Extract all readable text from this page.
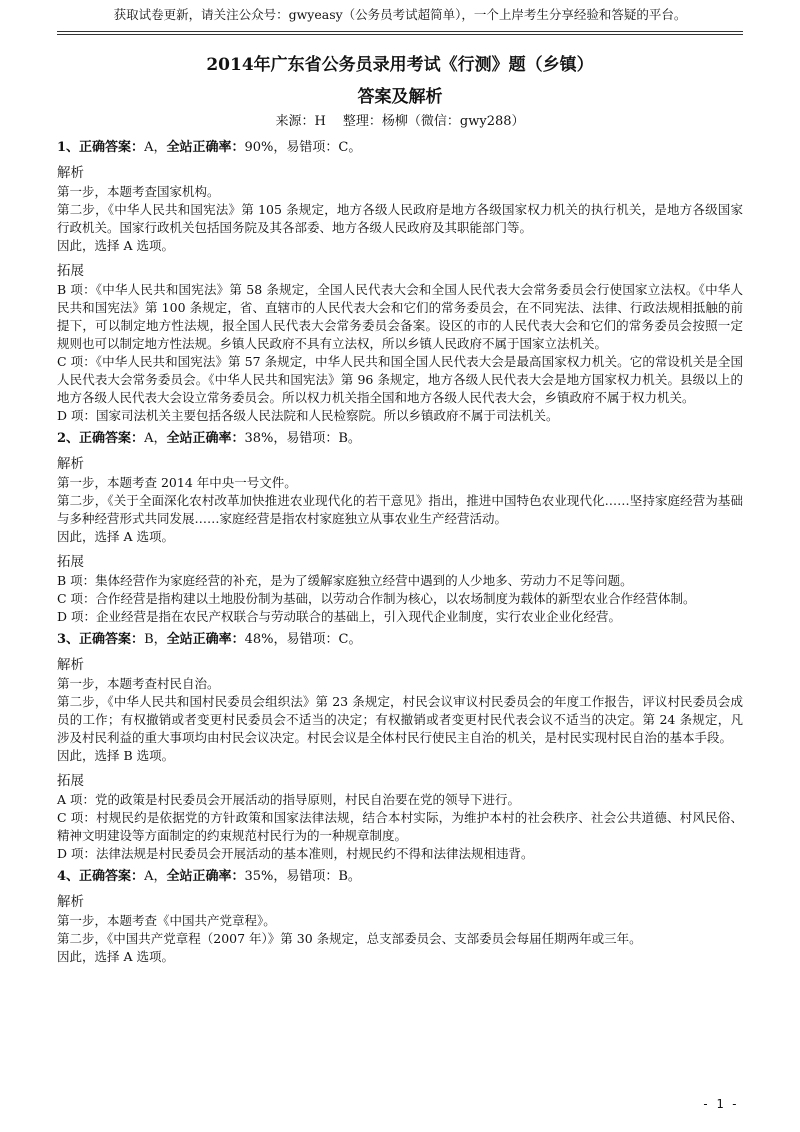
获取试卷更新，请关注公众号：gwyeasy（公务员考试超简单），一个上岸考生分享经验和答疑的平台。
2014年广东省公务员录用考试《行测》题（乡镇）
答案及解析
来源：H　 整理：杨柳（微信：gwy288）
1、正确答案：A，全站正确率：90%，易错项：C。
解析

第一步，本题考查国家机构。

第二步，《中华人民共和国宪法》第 105 条规定，地方各级人民政府是地方各级国家权力机关的执行机关，是地方各级国家行政机关。国家行政机关包括国务院及其各部委、地方各级人民政府及其职能部门等。

因此，选择 A 选项。

拓展

B 项：《中华人民共和国宪法》第 58 条规定，全国人民代表大会和全国人民代表大会常务委员会行使国家立法权。《中华人民共和国宪法》第 100 条规定，省、直辖市的人民代表大会和它们的常务委员会，在不同宪法、法律、行政法规相抵触的前提下，可以制定地方性法规，报全国人民代表大会常务委员会备案。设区的市的人民代表大会和它们的常务委员会按照一定规则也可以制定地方性法规。乡镇人民政府不具有立法权，所以乡镇人民政府不属于国家立法机关。

C 项：《中华人民共和国宪法》第 57 条规定，中华人民共和国全国人民代表大会是最高国家权力机关。它的常设机关是全国人民代表大会常务委员会。《中华人民共和国宪法》第 96 条规定，地方各级人民代表大会是地方国家权力机关。县级以上的地方各级人民代表大会设立常务委员会。所以权力机关指全国和地方各级人民代表大会，乡镇政府不属于权力机关。

D 项：国家司法机关主要包括各级人民法院和人民检察院。所以乡镇政府不属于司法机关。

2、正确答案：A，全站正确率：38%，易错项：B。
解析

第一步，本题考查 2014 年中央一号文件。

第二步，《关于全面深化农村改革加快推进农业现代化的若干意见》指出，推进中国特色农业现代化……坚持家庭经营为基础与多种经营形式共同发展……家庭经营是指农村家庭独立从事农业生产经营活动。

因此，选择 A 选项。

拓展

B 项：集体经营作为家庭经营的补充，是为了缓解家庭独立经营中遇到的人少地多、劳动力不足等问题。

C 项：合作经营是指构建以土地股份制为基础，以劳动合作制为核心，以农场制度为载体的新型农业合作经营体制。

D 项：企业经营是指在农民产权联合与劳动联合的基础上，引入现代企业制度，实行农业企业化经营。

3、正确答案：B，全站正确率：48%，易错项：C。
解析

第一步，本题考查村民自治。

第二步，《中华人民共和国村民委员会组织法》第 23 条规定，村民会议审议村民委员会的年度工作报告，评议村民委员会成员的工作；有权撤销或者变更村民委员会不适当的决定；有权撤销或者变更村民代表会议不适当的决定。第 24 条规定，凡涉及村民利益的重大事项均由村民会议决定。村民会议是全体村民行使民主自治的机关，是村民实现村民自治的基本手段。

因此，选择 B 选项。

拓展

A 项：党的政策是村民委员会开展活动的指导原则，村民自治要在党的领导下进行。

C 项：村规民约是依据党的方针政策和国家法律法规，结合本村实际，为维护本村的社会秩序、社会公共道德、村风民俗、精神文明建设等方面制定的约束规范村民行为的一种规章制度。

D 项：法律法规是村民委员会开展活动的基本准则，村规民约不得和法律法规相违背。

4、正确答案：A，全站正确率：35%，易错项：B。
解析

第一步，本题考查《中国共产党章程》。

第二步，《中国共产党章程（2007 年）》第 30 条规定，总支部委员会、支部委员会每届任期两年或三年。

因此，选择 A 选项。

- 1 -
